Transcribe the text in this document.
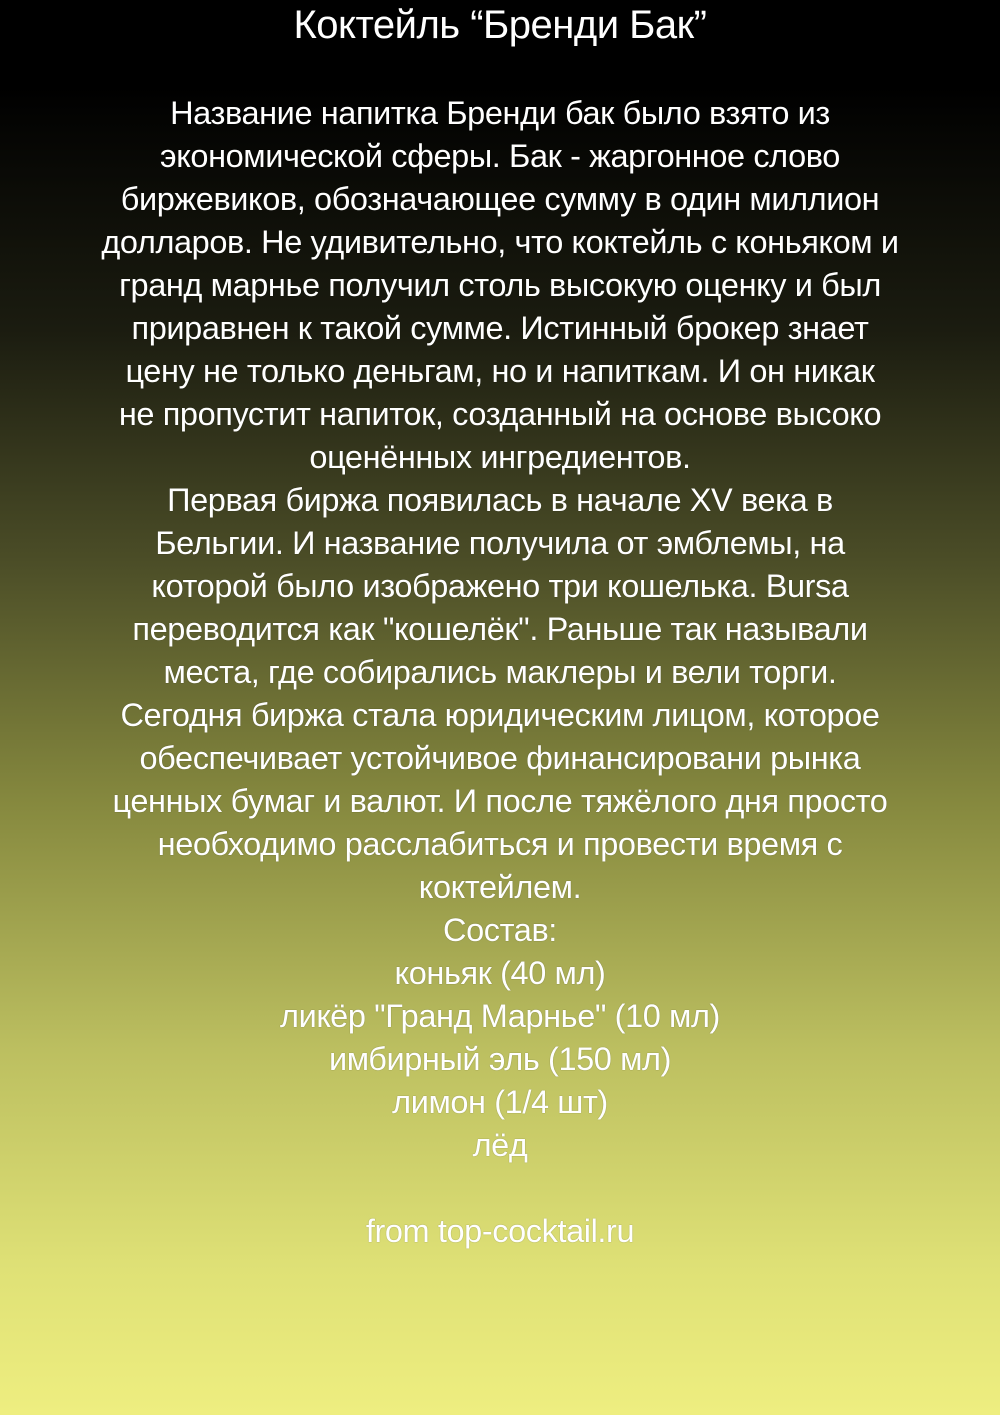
Коктейль “Бренди Бак”
Название напитка Бренди бак было взято из
экономической сферы. Бак - жаргонное слово
биржевиков, обозначающее сумму в один миллион
долларов. Не удивительно, что коктейль с коньяком и
гранд марнье получил столь высокую оценку и был
приравнен к такой сумме. Истинный брокер знает
цену не только деньгам, но и напиткам. И он никак
не пропустит напиток, созданный на основе высоко
оценённых ингредиентов.
Первая биржа появилась в начале XV века в
Бельгии. И название получила от эмблемы, на
которой было изображено три кошелька. Bursa
переводится как "кошелёк". Раньше так называли
места, где собирались маклеры и вели торги.
Сегодня биржа стала юридическим лицом, которое
обеспечивает устойчивое финансировани рынка
ценных бумаг и валют. И после тяжёлого дня просто
необходимо расслабиться и провести время с
коктейлем.
Состав:
коньяк (40 мл)
ликёр "Гранд Марнье" (10 мл)
имбирный эль (150 мл)
лимон (1/4 шт)
лёд
from top-cocktail.ru
